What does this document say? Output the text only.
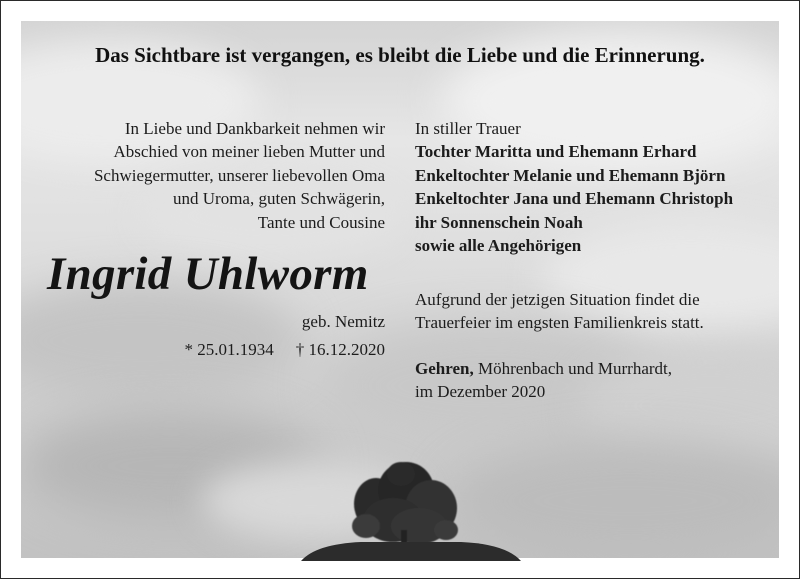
Das Sichtbare ist vergangen, es bleibt die Liebe und die Erinnerung.
In Liebe und Dankbarkeit nehmen wir
Abschied von meiner lieben Mutter und
Schwiegermutter, unserer liebevollen Oma
und Uroma, guten Schwägerin,
Tante und Cousine
Ingrid Uhlworm
geb. Nemitz
* 25.01.1934 † 16.12.2020
In stiller Trauer
Tochter Maritta und Ehemann Erhard
Enkeltochter Melanie und Ehemann Björn
Enkeltochter Jana und Ehemann Christoph
ihr Sonnenschein Noah
sowie alle Angehörigen
Aufgrund der jetzigen Situation findet die
Trauerfeier im engsten Familienkreis statt.
Gehren, Möhrenbach und Murrhardt,
im Dezember 2020
